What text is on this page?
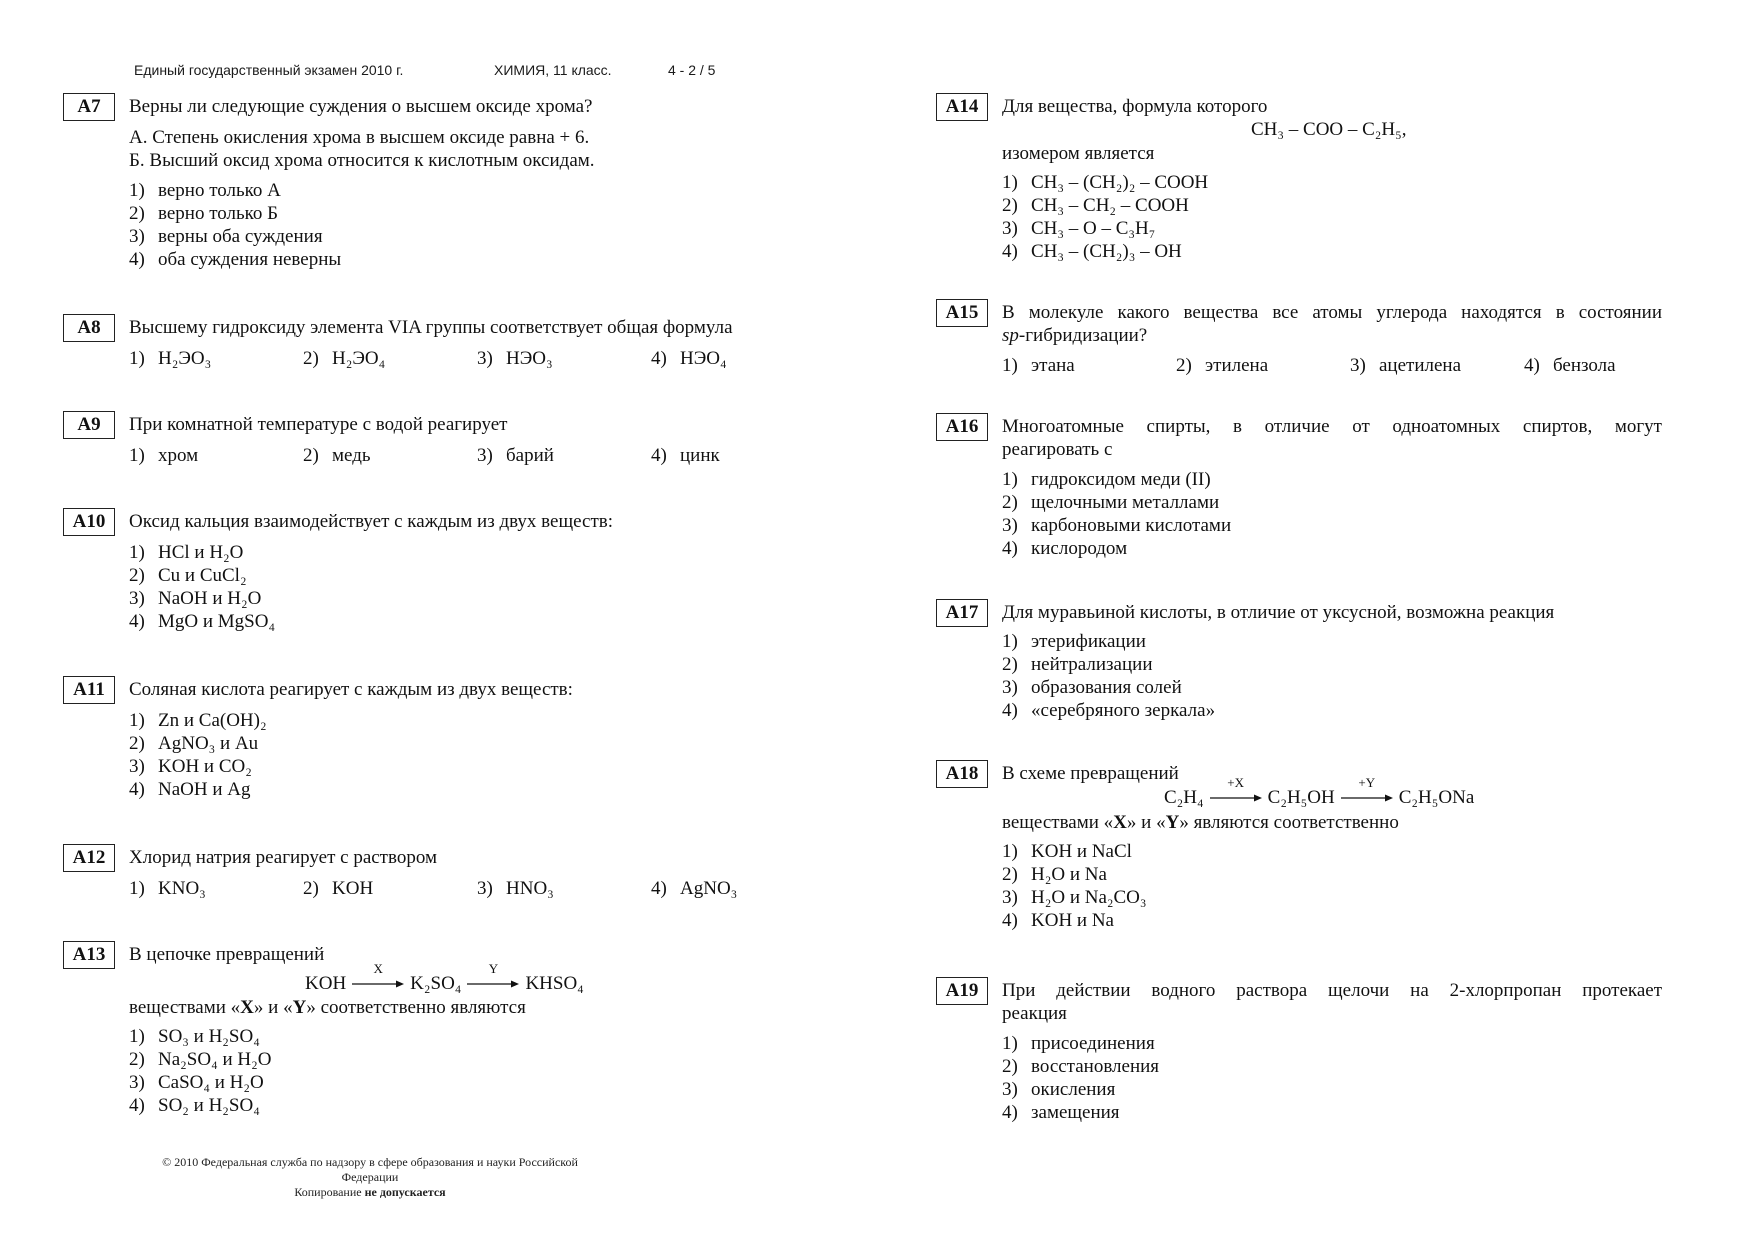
Единый государственный экзамен 2010 г.	ХИМИЯ, 11 класс.	4 - 2 / 5
A7	Верны ли следующие суждения о высшем оксиде хрома?
А. Степень окисления хрома в высшем оксиде равна + 6.
Б. Высший оксид хрома относится к кислотным оксидам.
1) верно только А
2) верно только Б
3) верны оба суждения
4) оба суждения неверны
A8	Высшему гидроксиду элемента VIA группы соответствует общая формула
1) H₂ЭO₃	2) H₂ЭO₄	3) HЭO₃	4) HЭO₄
A9	При комнатной температуре с водой реагирует
1) хром	2) медь	3) барий	4) цинк
A10	Оксид кальция взаимодействует с каждым из двух веществ:
1) HCl и H₂O
2) Cu и CuCl₂
3) NaOH и H₂O
4) MgO и MgSO₄
A11	Соляная кислота реагирует с каждым из двух веществ:
1) Zn и Ca(OH)₂
2) AgNO₃ и Au
3) KOH и CO₂
4) NaOH и Ag
A12	Хлорид натрия реагирует с раствором
1) KNO₃	2) KOH	3) HNO₃	4) AgNO₃
A13	В цепочке превращений
KOH
X
K₂SO₄
Y
KHSO₄
веществами «X» и «Y» соответственно являются
1) SO₃ и H₂SO₄
2) Na₂SO₄ и H₂O
3) CaSO₄ и H₂O
4) SO₂ и H₂SO₄
© 2010 Федеральная служба по надзору в сфере образования и науки Российской Федерации
Копирование не допускается
A14	Для вещества, формула которого
CH₃ – COO – C₂H₅,
изомером является
1) CH₃ – (CH₂)₂ – COOH
2) CH₃ – CH₂ – COOH
3) CH₃ – O – C₃H₇
4) CH₃ – (CH₂)₃ – OH
A15	В молекуле какого вещества все атомы углерода находятся в состоянии
sp-гибридизации?
1) этана	2) этилена	3) ацетилена	4) бензола
A16	Многоатомные спирты, в отличие от одноатомных спиртов, могут
реагировать с
1) гидроксидом меди (II)
2) щелочными металлами
3) карбоновыми кислотами
4) кислородом
A17	Для муравьиной кислоты, в отличие от уксусной, возможна реакция
1) этерификации
2) нейтрализации
3) образования солей
4) «серебряного зеркала»
A18	В схеме превращений
C₂H₄
+X
C₂H₅OH
+Y
C₂H₅ONa
веществами «X» и «Y» являются соответственно
1) KOH и NaCl
2) H₂O и Na
3) H₂O и Na₂CO₃
4) KOH и Na
A19	При действии водного раствора щелочи на 2-хлорпропан протекает
реакция
1) присоединения
2) восстановления
3) окисления
4) замещения
